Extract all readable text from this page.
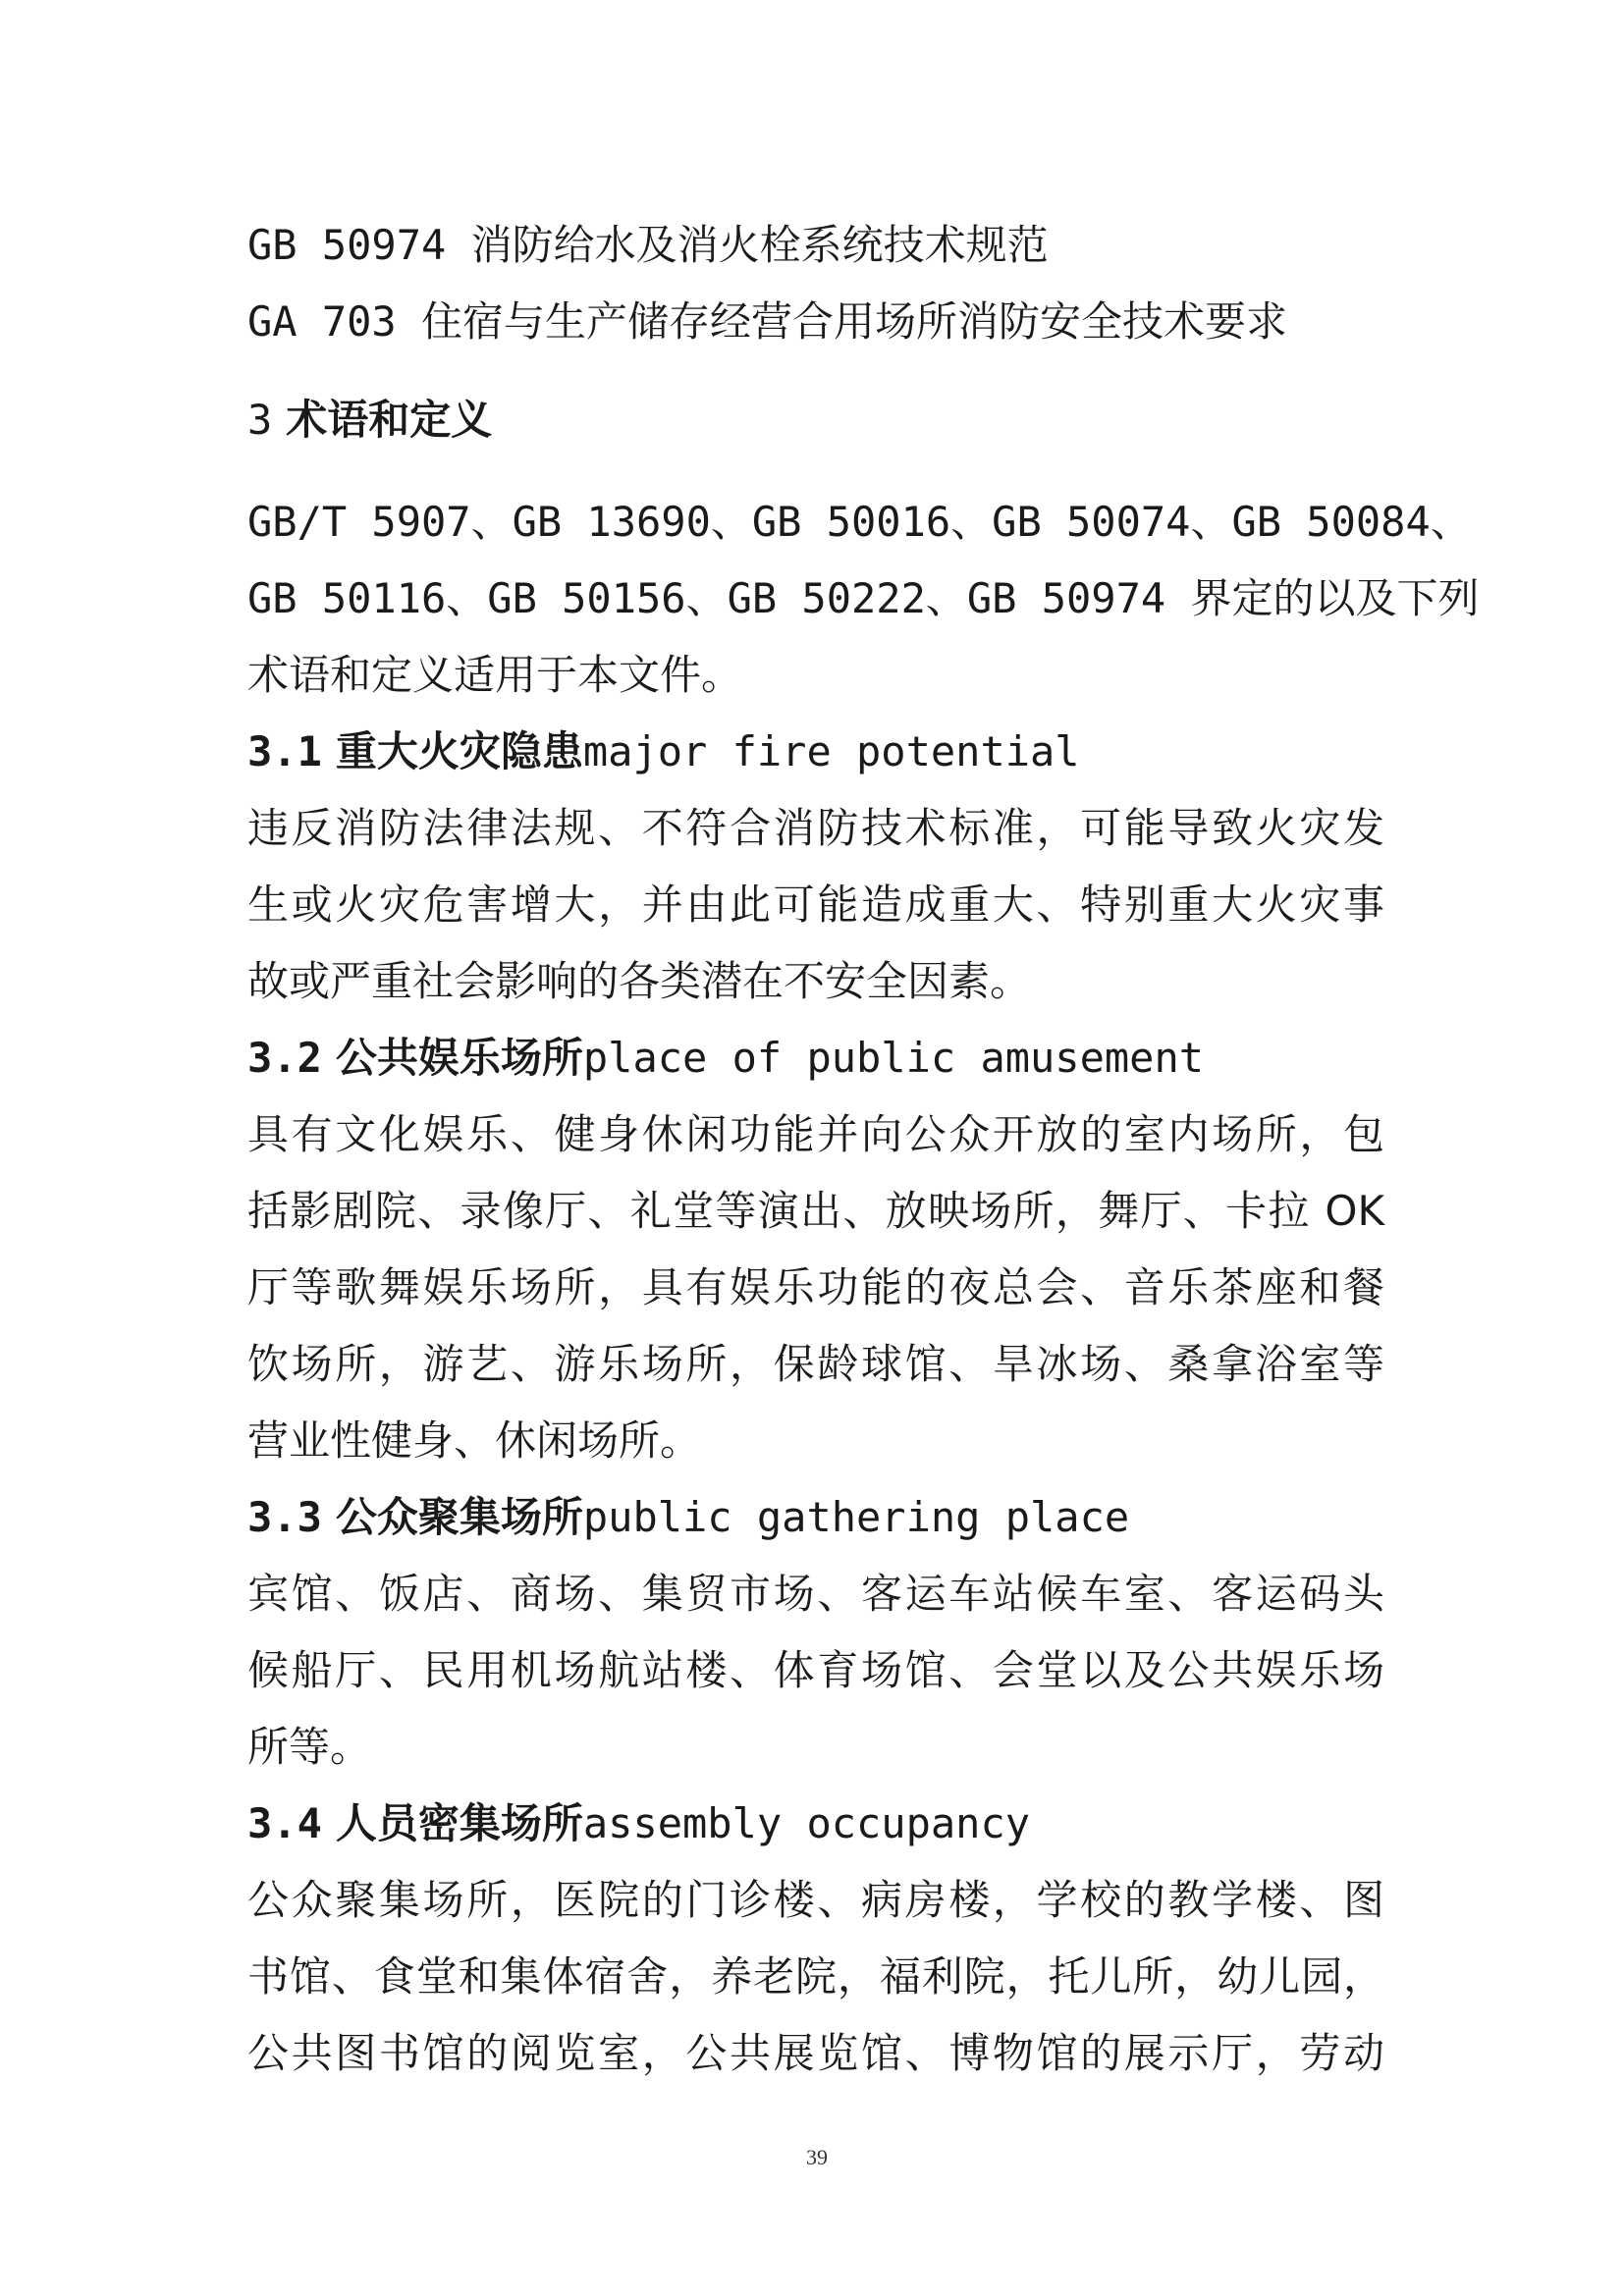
GB 50974 消防给水及消火栓系统技术规范
GA 703 住宿与生产储存经营合用场所消防安全技术要求
3 术语和定义
GB/T 5907、GB 13690、GB 50016、GB 50074、GB 50084、
GB 50116、GB 50156、GB 50222、GB 50974 界定的以及下列
术语和定义适用于本文件。
3.1 重大火灾隐患major fire potential
违反消防法律法规、不符合消防技术标准，可能导致火灾发
生或火灾危害增大，并由此可能造成重大、特别重大火灾事
故或严重社会影响的各类潜在不安全因素。
3.2 公共娱乐场所place of public amusement
具有文化娱乐、健身休闲功能并向公众开放的室内场所，包
括影剧院、录像厅、礼堂等演出、放映场所，舞厅、卡拉 OK
厅等歌舞娱乐场所，具有娱乐功能的夜总会、音乐茶座和餐
饮场所，游艺、游乐场所，保龄球馆、旱冰场、桑拿浴室等
营业性健身、休闲场所。
3.3 公众聚集场所public gathering place
宾馆、饭店、商场、集贸市场、客运车站候车室、客运码头
候船厅、民用机场航站楼、体育场馆、会堂以及公共娱乐场
所等。
3.4 人员密集场所assembly occupancy
公众聚集场所，医院的门诊楼、病房楼，学校的教学楼、图
书馆、食堂和集体宿舍，养老院，福利院，托儿所，幼儿园，
公共图书馆的阅览室，公共展览馆、博物馆的展示厅，劳动
39
